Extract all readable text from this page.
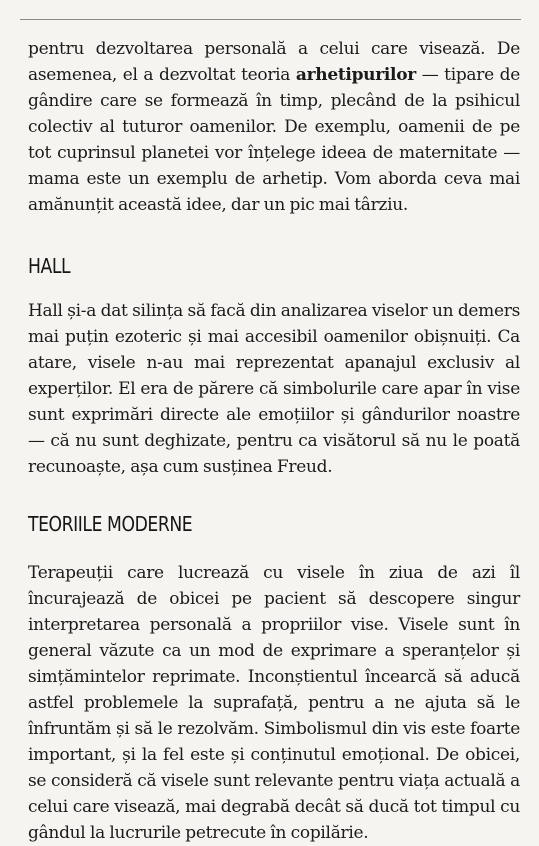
pentru dezvoltarea personală a celui care visează. De asemenea, el a dezvoltat teoria arhetipurilor — tipare de gândire care se formează în timp, plecând de la psihicul colectiv al tuturor oamenilor. De exemplu, oamenii de pe tot cuprinsul planetei vor înțelege ideea de maternitate — mama este un exemplu de arhetip. Vom aborda ceva mai amănunțit această idee, dar un pic mai târziu.

HALL

Hall și-a dat silința să facă din analizarea viselor un demers mai puțin ezoteric și mai accesibil oamenilor obișnuiți. Ca atare, visele n-au mai reprezentat apanajul exclusiv al experților. El era de părere că simbolurile care apar în vise sunt exprimări directe ale emoțiilor și gândurilor noastre — că nu sunt deghizate, pentru ca visătorul să nu le poată recunoaște, așa cum susținea Freud.

TEORIILE MODERNE

Terapeuții care lucrează cu visele în ziua de azi îl încurajează de obicei pe pacient să descopere singur interpretarea personală a propriilor vise. Visele sunt în general văzute ca un mod de exprimare a speranțelor și simțămintelor reprimate. Inconștientul încearcă să aducă astfel problemele la suprafață, pentru a ne ajuta să le înfruntăm și să le rezolvăm. Simbolismul din vis este foarte important, și la fel este și conținutul emoțional. De obicei, se consideră că visele sunt relevante pentru viața actuală a celui care visează, mai degrabă decât să ducă tot timpul cu gândul la lucrurile petrecute în copilărie.
